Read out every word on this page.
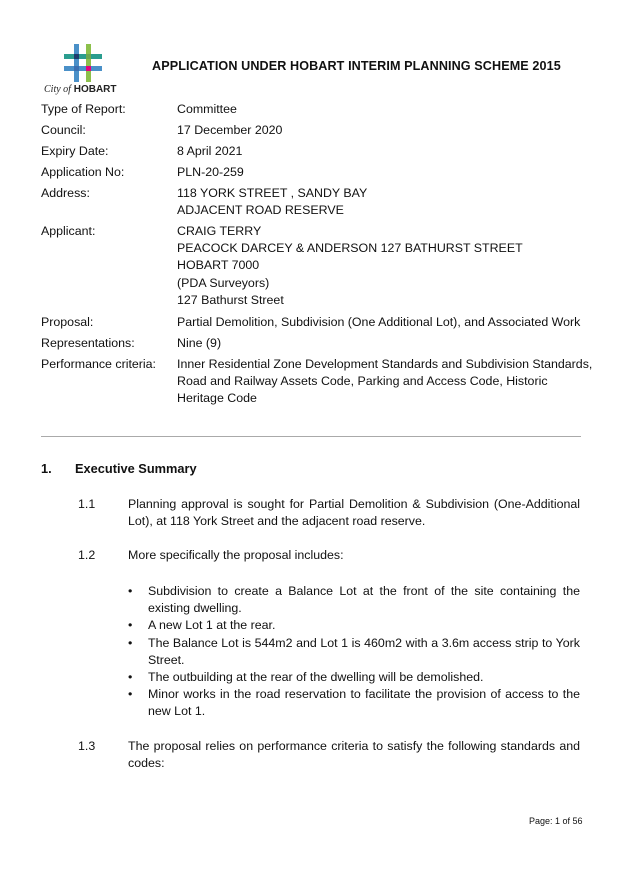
City of HOBART
APPLICATION UNDER HOBART INTERIM PLANNING SCHEME 2015
Type of Report:	Committee
Council:	17 December 2020
Expiry Date:	8 April 2021
Application No:	PLN-20-259
Address:	118 YORK STREET , SANDY BAY
ADJACENT ROAD RESERVE
Applicant:	CRAIG TERRY
PEACOCK DARCEY & ANDERSON 127 BATHURST STREET
HOBART 7000
(PDA Surveyors)
127 Bathurst Street
Proposal:	Partial Demolition, Subdivision (One Additional Lot), and Associated Work
Representations:	Nine (9)
Performance criteria:	Inner Residential Zone Development Standards and Subdivision Standards,
Road and Railway Assets Code, Parking and Access Code, Historic
Heritage Code
1. Executive Summary
1.1	Planning approval is sought for Partial Demolition & Subdivision (One-Additional Lot), at 118 York Street and the adjacent road reserve.
1.2	More specifically the proposal includes:
• Subdivision to create a Balance Lot at the front of the site containing the existing dwelling.
• A new Lot 1 at the rear.
• The Balance Lot is 544m2 and Lot 1 is 460m2 with a 3.6m access strip to York Street.
• The outbuilding at the rear of the dwelling will be demolished.
• Minor works in the road reservation to facilitate the provision of access to the new Lot 1.
1.3	The proposal relies on performance criteria to satisfy the following standards and codes:
Page: 1 of 56
